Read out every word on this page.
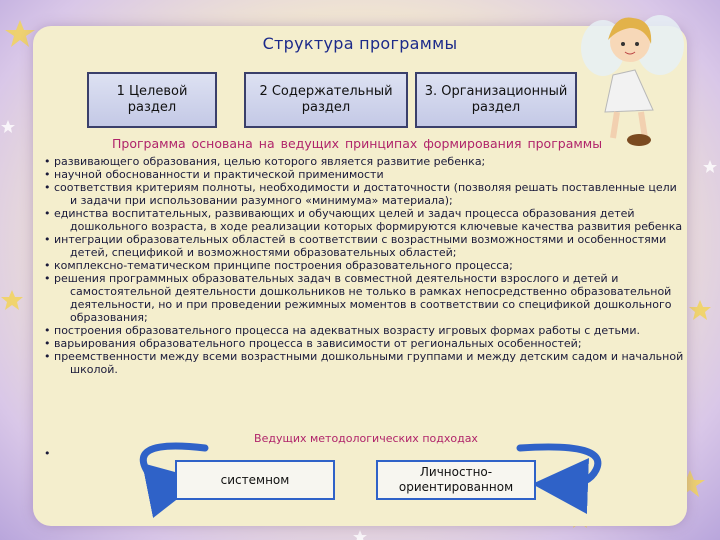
Структура программы
1 Целевой
раздел
2 Содержательный
раздел
3. Организационный
раздел
Программа основана на ведущих принципах формирования программы
• развивающего образования, целью которого является развитие ребенка;
• научной обоснованности и практической применимости
• соответствия критериям полноты, необходимости и достаточности (позволяя решать поставленные цели и задачи при использовании разумного «минимума» материала);
• единства воспитательных, развивающих и обучающих целей и задач процесса образования детей дошкольного возраста, в ходе реализации которых формируются ключевые качества развития ребенка
• интеграции образовательных областей в соответствии с возрастными возможностями и особенностями детей, спецификой и возможностями образовательных областей;
• комплексно-тематическом принципе построения образовательного процесса;
• решения программных образовательных задач в совместной деятельности взрослого и детей и самостоятельной деятельности дошкольников не только в рамках непосредственно образовательной деятельности, но и при проведении режимных моментов в соответствии со спецификой дошкольного образования;
• построения образовательного процесса на адекватных возрасту игровых формах работы с детьми.
• варьирования образовательного процесса в зависимости от региональных особенностей;
• преемственности между всеми возрастными дошкольными группами и между детским садом и начальной школой.
Ведущих методологических подходах
•
системном
Личностно-
ориентированном
